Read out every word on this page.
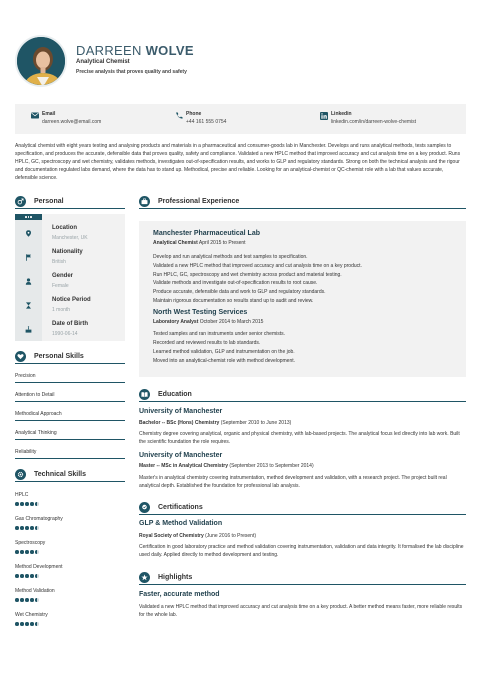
DARREEN WOLVE
Analytical Chemist
Precise analysis that proves quality and safety
Email
darreen.wolve@email.com
Phone
+44 161 555 0754
Linkedin
linkedin.com/in/darreen-wolve-chemist
Analytical chemist with eight years testing and analysing products and materials in a pharmaceutical and consumer-goods lab in Manchester. Develops and runs analytical methods, tests samples to specification, and produces the accurate, defensible data that proves quality, safety and compliance. Validated a new HPLC method that improved accuracy and cut analysis time on a key product. Runs HPLC, GC, spectroscopy and wet chemistry, validates methods, investigates out-of-specification results, and works to GLP and regulatory standards. Strong on both the technical analysis and the rigour and documentation regulated labs demand, where the data has to stand up. Methodical, precise and reliable. Looking for an analytical-chemist or QC-chemist role with a lab that values accurate, defensible science.
Personal
Location
Manchester, UK
Nationality
British
Gender
Female
Notice Period
1 month
Date of Birth
1990-06-14
Personal Skills
Precision
Attention to Detail
Methodical Approach
Analytical Thinking
Reliability
Technical Skills
HPLC
Gas Chromatography
Spectroscopy
Method Development
Method Validation
Wet Chemistry
Professional Experience
Manchester Pharmaceutical Lab
Analytical Chemist April 2015 to Present
Develop and run analytical methods and test samples to specification.
Validated a new HPLC method that improved accuracy and cut analysis time on a key product.
Run HPLC, GC, spectroscopy and wet chemistry across product and material testing.
Validate methods and investigate out-of-specification results to root cause.
Produce accurate, defensible data and work to GLP and regulatory standards.
Maintain rigorous documentation so results stand up to audit and review.
North West Testing Services
Laboratory Analyst October 2014 to March 2015
Tested samples and ran instruments under senior chemists.
Recorded and reviewed results to lab standards.
Learned method validation, GLP and instrumentation on the job.
Moved into an analytical-chemist role with method development.
Education
University of Manchester
Bachelor -- BSc (Hons) Chemistry (September 2010 to June 2013)
Chemistry degree covering analytical, organic and physical chemistry, with lab-based projects. The analytical focus led directly into lab work. Built the scientific foundation the role requires.
University of Manchester
Master -- MSc in Analytical Chemistry (September 2013 to September 2014)
Master's in analytical chemistry covering instrumentation, method development and validation, with a research project. The project built real analytical depth. Established the foundation for professional lab analysis.
Certifications
GLP & Method Validation
Royal Society of Chemistry (June 2016 to Present)
Certification in good laboratory practice and method validation covering instrumentation, validation and data integrity. It formalised the lab discipline used daily. Applied directly to method development and testing.
Highlights
Faster, accurate method
Validated a new HPLC method that improved accuracy and cut analysis time on a key product. A better method means faster, more reliable results for the whole lab.
